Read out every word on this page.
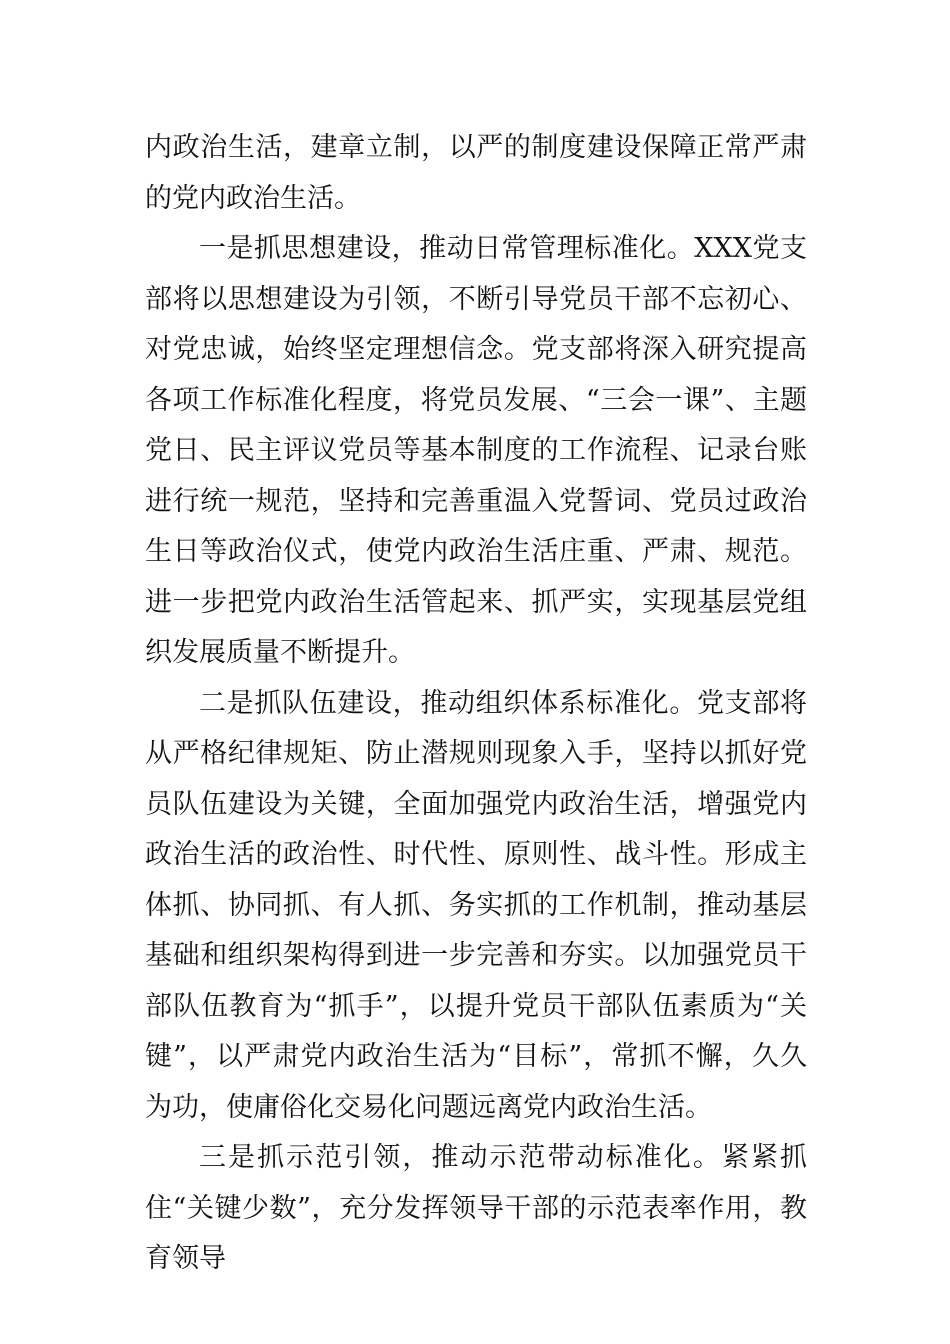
内政治生活，建章立制，以严的制度建设保障正常严肃的党内政治生活。

一是抓思想建设，推动日常管理标准化。XXX党支部将以思想建设为引领，不断引导党员干部不忘初心、对党忠诚，始终坚定理想信念。党支部将深入研究提高各项工作标准化程度，将党员发展、“三会一课”、主题党日、民主评议党员等基本制度的工作流程、记录台账进行统一规范，坚持和完善重温入党誓词、党员过政治生日等政治仪式，使党内政治生活庄重、严肃、规范。进一步把党内政治生活管起来、抓严实，实现基层党组织发展质量不断提升。

二是抓队伍建设，推动组织体系标准化。党支部将从严格纪律规矩、防止潜规则现象入手，坚持以抓好党员队伍建设为关键，全面加强党内政治生活，增强党内政治生活的政治性、时代性、原则性、战斗性。形成主体抓、协同抓、有人抓、务实抓的工作机制，推动基层基础和组织架构得到进一步完善和夯实。以加强党员干部队伍教育为“抓手”，以提升党员干部队伍素质为“关键”，以严肃党内政治生活为“目标”，常抓不懈，久久为功，使庸俗化交易化问题远离党内政治生活。

三是抓示范引领，推动示范带动标准化。紧紧抓住“关键少数”，充分发挥领导干部的示范表率作用，教育领导
